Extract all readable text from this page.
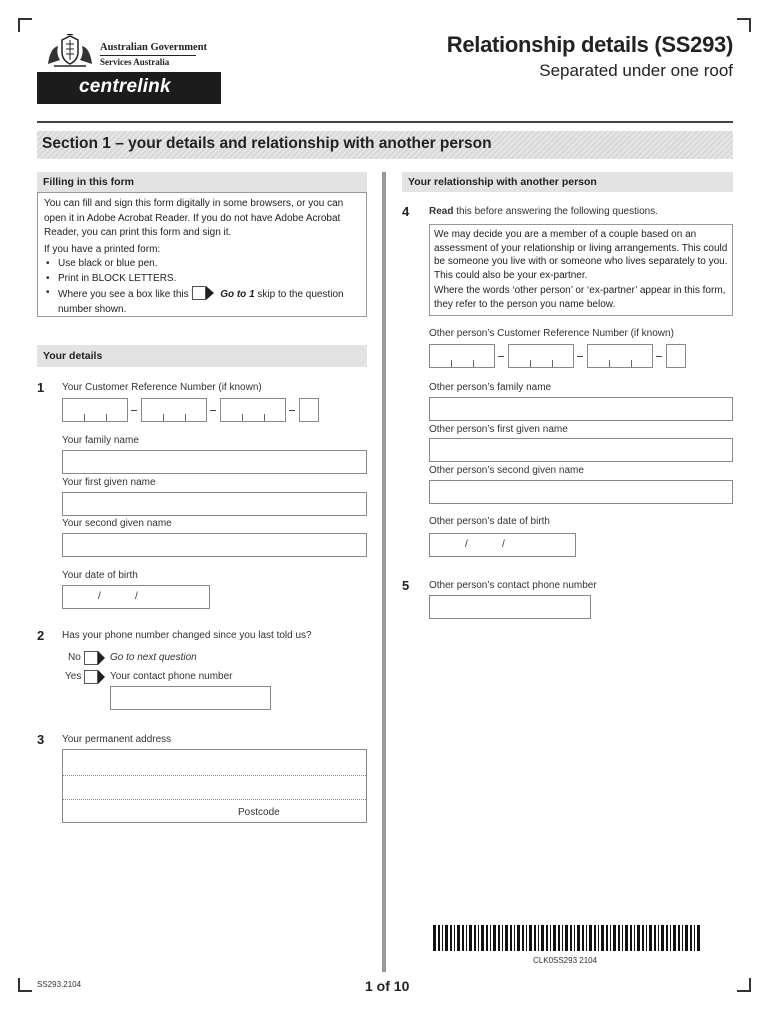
Australian Government
Services Australia
centrelink
Relationship details (SS293)
Separated under one roof
Section 1 – your details and relationship with another person
Filling in this form

You can fill and sign this form digitally in some browsers, or you can open it in Adobe Acrobat Reader. If you do not have Adobe Acrobat Reader, you can print this form and sign it.

If you have a printed form:

• Use black or blue pen.
• Print in BLOCK LETTERS.
• Where you see a box like this	Go to 1 skip to the question number shown.
Your details
1 Your Customer Reference Number (if known)
Your family name
Your first given name
Your second given name
Your date of birth
/	/
2 Has your phone number changed since you last told us?
No	Go to next question
Yes	Your contact phone number
3 Your permanent address
Postcode
Your relationship with another person
4 Read this before answering the following questions.

We may decide you are a member of a couple based on an assessment of your relationship or living arrangements. This could be someone you live with or someone who lives separately to you. This could also be your ex-partner.

Where the words ‘other person’ or ‘ex-partner’ appear in this form, they refer to the person you name below.

Other person’s Customer Reference Number (if known)
Other person’s family name
Other person’s first given name
Other person’s second given name
Other person’s date of birth
/	/
5 Other person’s contact phone number
CLK0SS293 2104
SS293.2104	1 of 10
